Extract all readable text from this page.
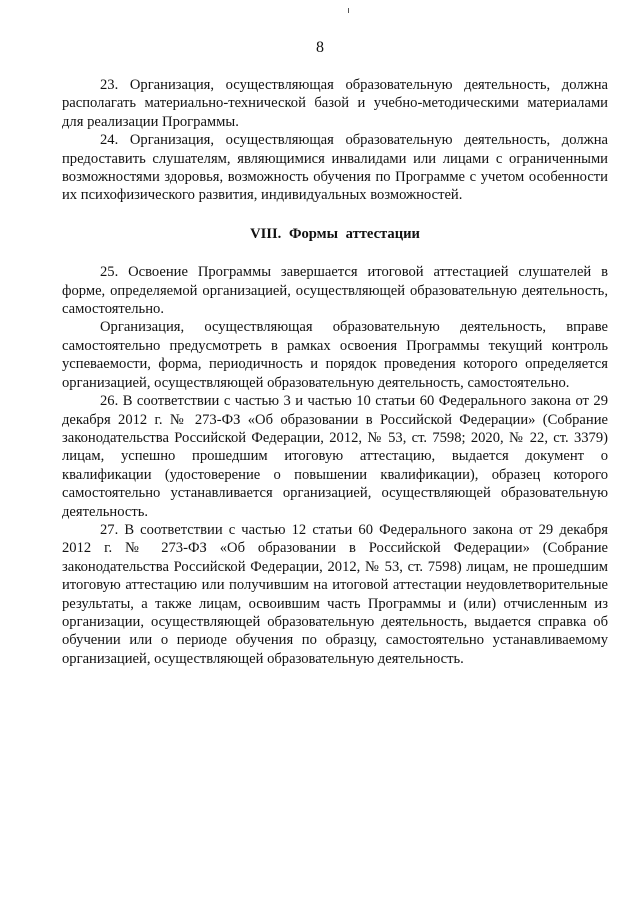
8

23. Организация, осуществляющая образовательную деятельность, должна располагать материально-технической базой и учебно-методическими материалами для реализации Программы.

24. Организация, осуществляющая образовательную деятельность, должна предоставить слушателям, являющимися инвалидами или лицами с ограниченными возможностями здоровья, возможность обучения по Программе с учетом особенности их психофизического развития, индивидуальных возможностей.

VIII. Формы аттестации

25. Освоение Программы завершается итоговой аттестацией слушателей в форме, определяемой организацией, осуществляющей образовательную деятельность, самостоятельно.

Организация, осуществляющая образовательную деятельность, вправе самостоятельно предусмотреть в рамках освоения Программы текущий контроль успеваемости, форма, периодичность и порядок проведения которого определяется организацией, осуществляющей образовательную деятельность, самостоятельно.

26. В соответствии с частью 3 и частью 10 статьи 60 Федерального закона от 29 декабря 2012 г. № 273-ФЗ «Об образовании в Российской Федерации» (Собрание законодательства Российской Федерации, 2012, № 53, ст. 7598; 2020, № 22, ст. 3379) лицам, успешно прошедшим итоговую аттестацию, выдается документ о квалификации (удостоверение о повышении квалификации), образец которого самостоятельно устанавливается организацией, осуществляющей образовательную деятельность.

27. В соответствии с частью 12 статьи 60 Федерального закона от 29 декабря 2012 г. № 273-ФЗ «Об образовании в Российской Федерации» (Собрание законодательства Российской Федерации, 2012, № 53, ст. 7598) лицам, не прошедшим итоговую аттестацию или получившим на итоговой аттестации неудовлетворительные результаты, а также лицам, освоившим часть Программы и (или) отчисленным из организации, осуществляющей образовательную деятельность, выдается справка об обучении или о периоде обучения по образцу, самостоятельно устанавливаемому организацией, осуществляющей образовательную деятельность.
